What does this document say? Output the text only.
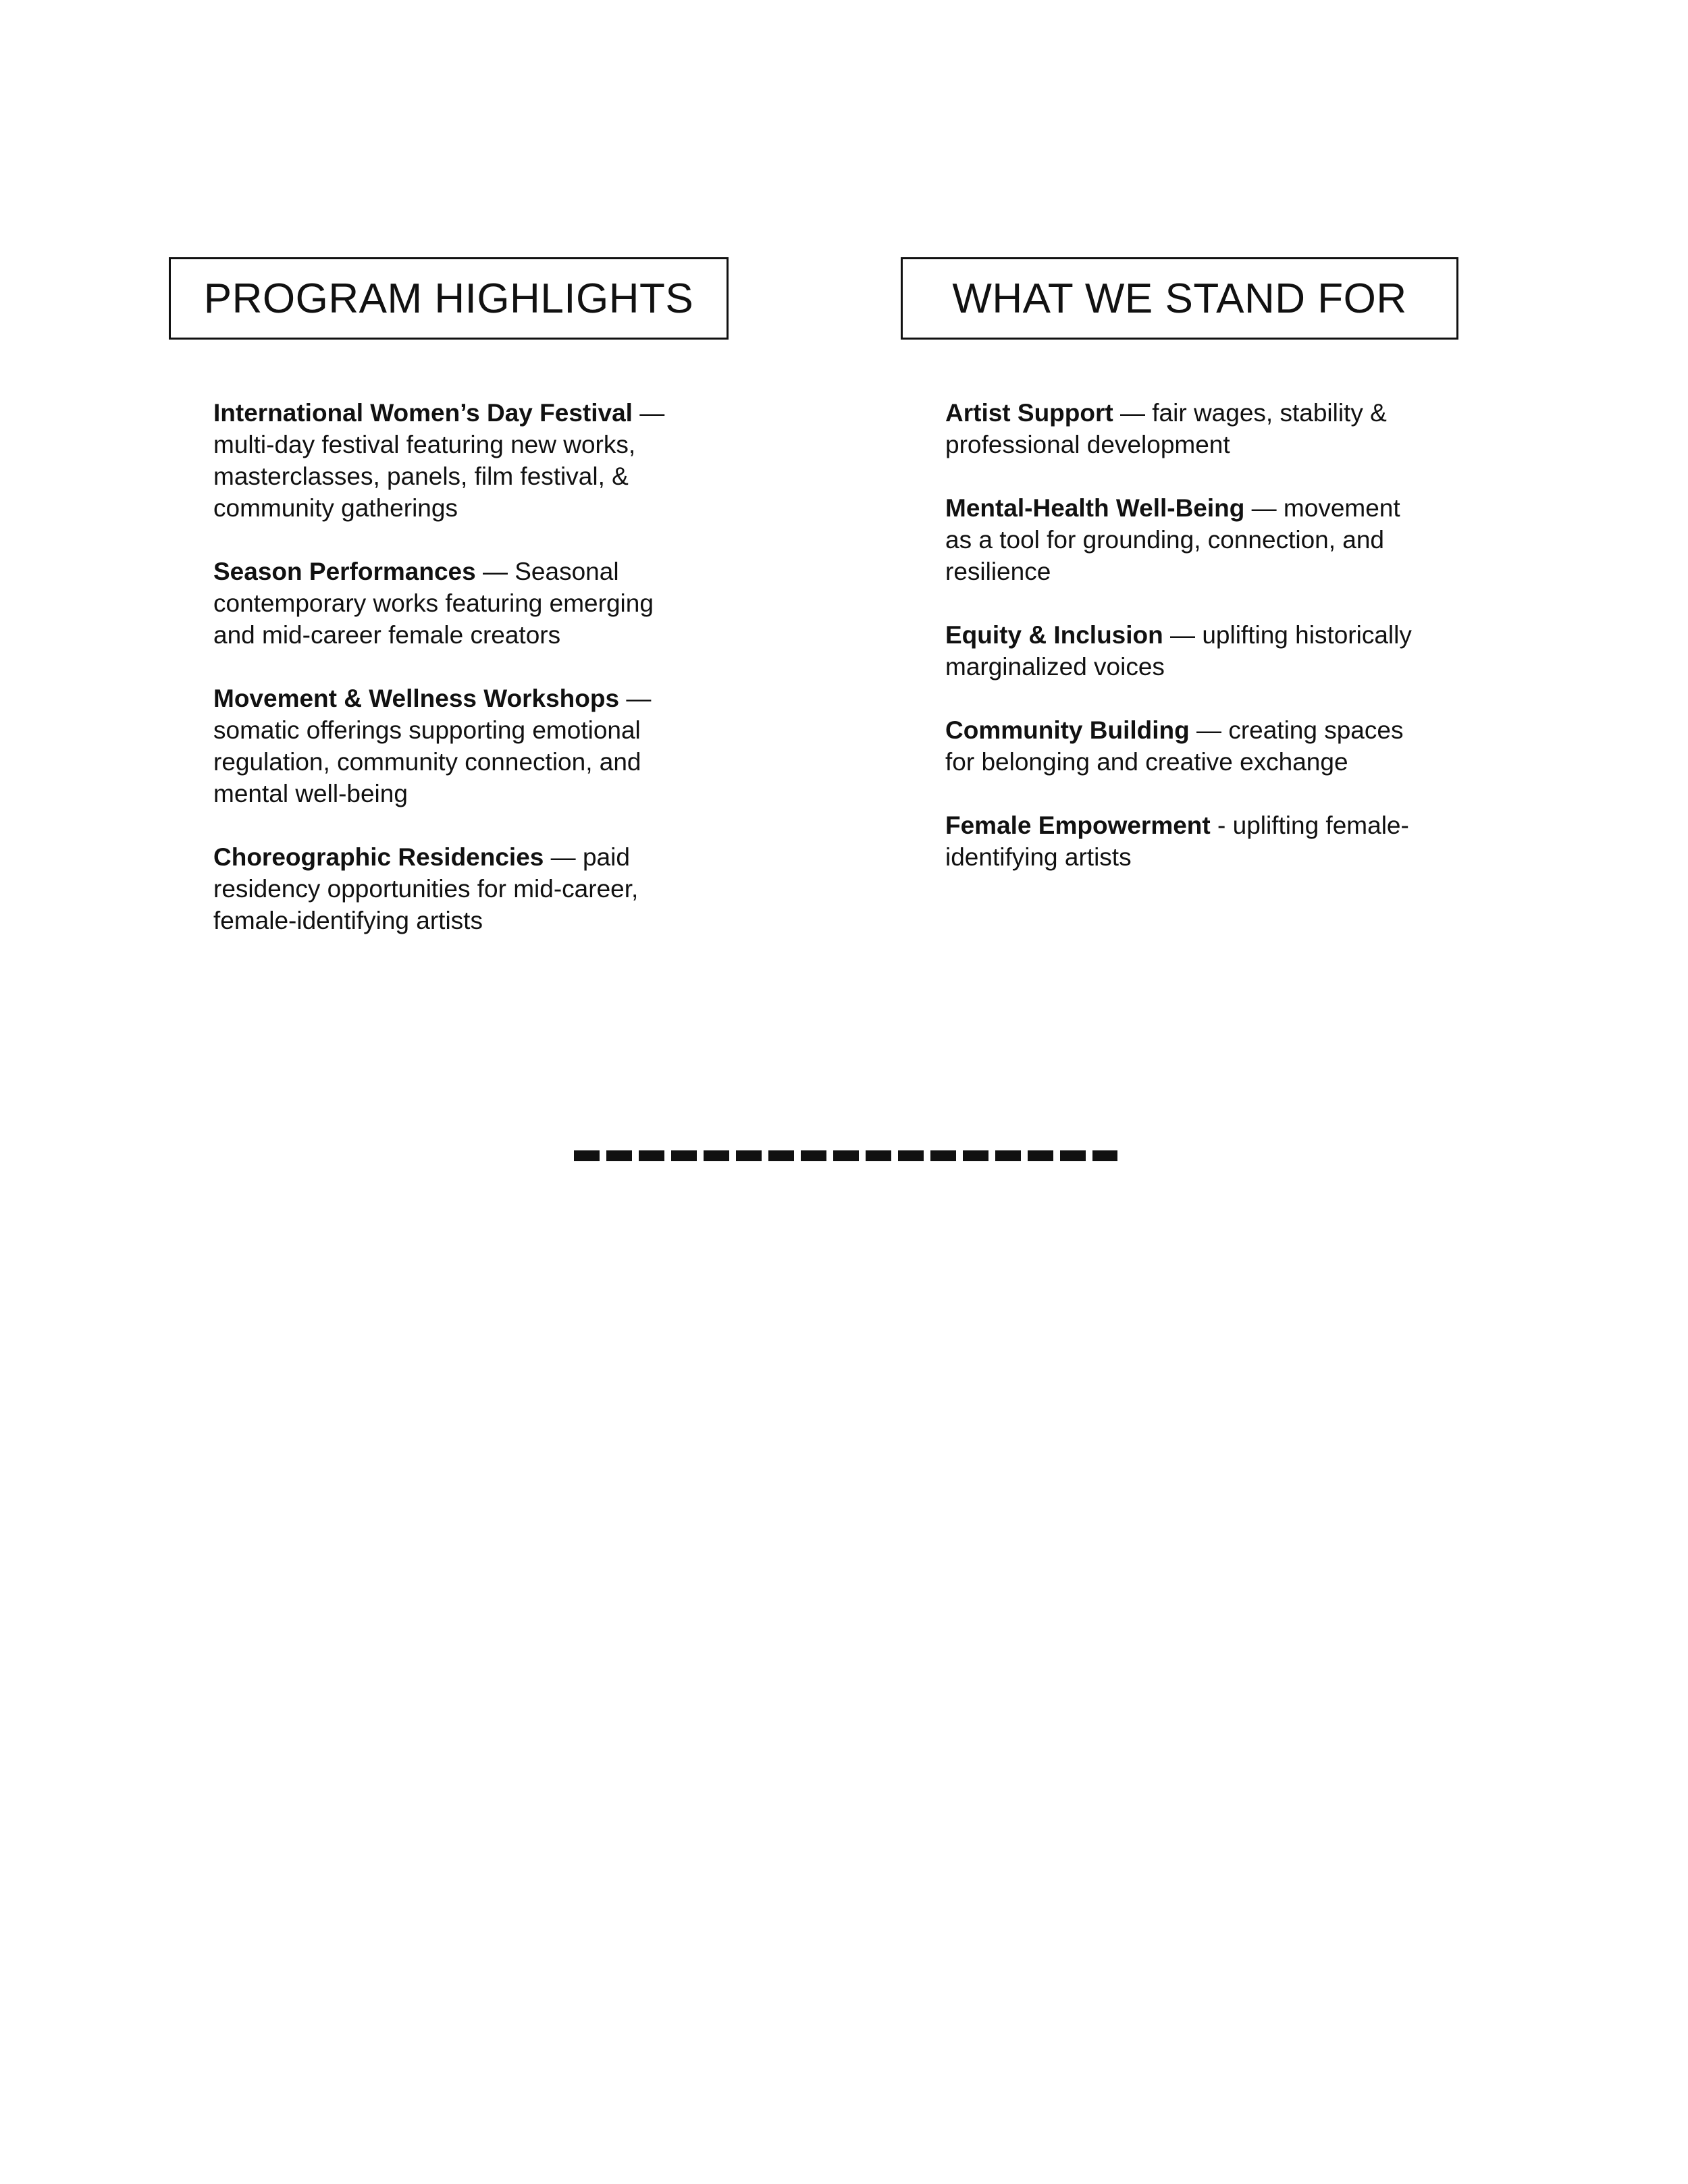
PROGRAM HIGHLIGHTS	WHAT WE STAND FOR
International Women’s Day Festival — multi-day festival featuring new works, masterclasses, panels, film festival, & community gatherings
Season Performances — Seasonal contemporary works featuring emerging and mid-career female creators
Movement & Wellness Workshops — somatic offerings supporting emotional regulation, community connection, and mental well-being
Choreographic Residencies — paid residency opportunities for mid-career, female-identifying artists
Artist Support — fair wages, stability & professional development
Mental-Health Well-Being — movement as a tool for grounding, connection, and resilience
Equity & Inclusion — uplifting historically marginalized voices
Community Building — creating spaces for belonging and creative exchange
Female Empowerment - uplifting female-identifying artists
